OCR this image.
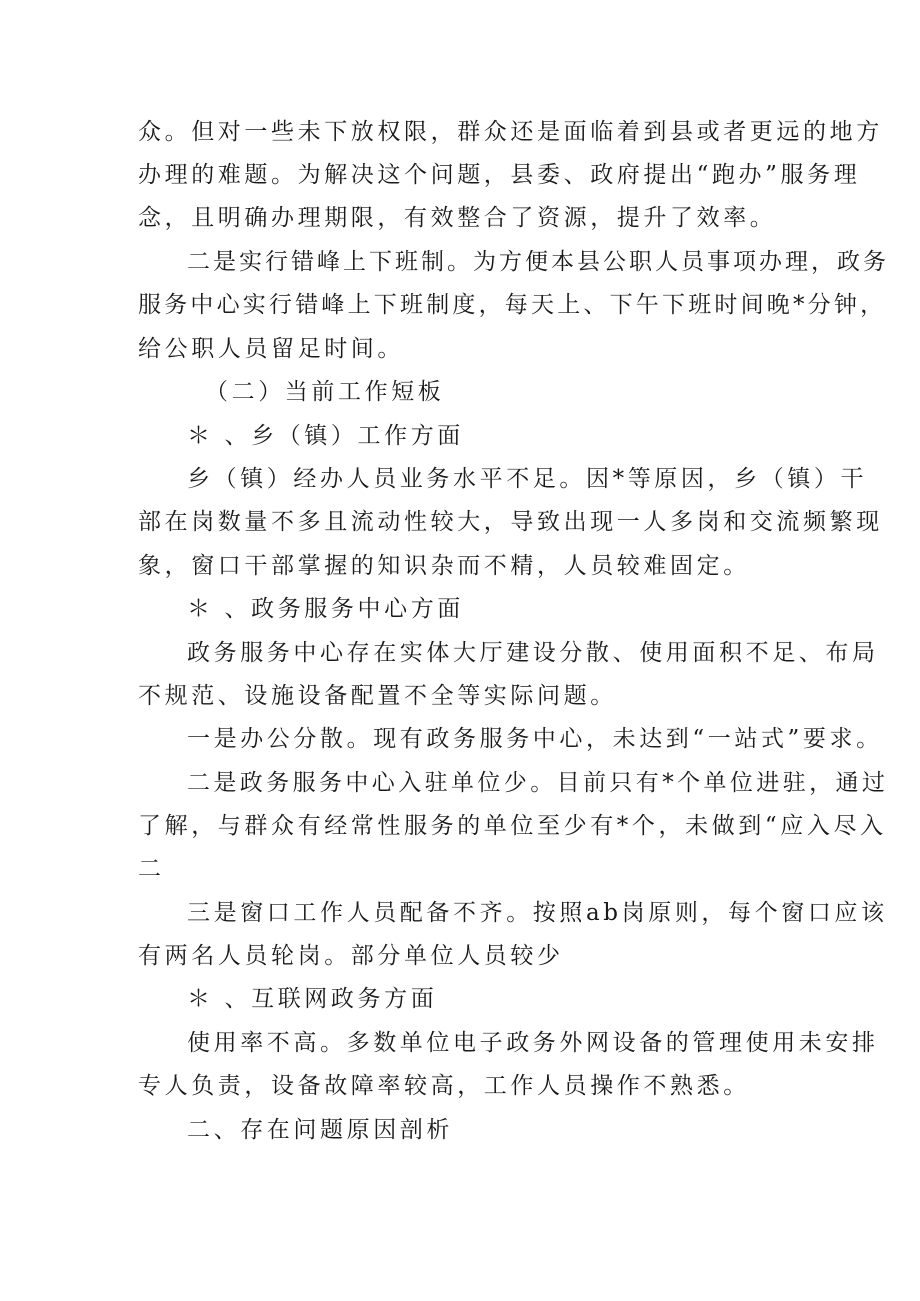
众。但对一些未下放权限，群众还是面临着到县或者更远的地方
办理的难题。为解决这个问题，县委、政府提出“跑办”服务理
念，且明确办理期限，有效整合了资源，提升了效率。
二是实行错峰上下班制。为方便本县公职人员事项办理，政务
服务中心实行错峰上下班制度，每天上、下午下班时间晚*分钟，
给公职人员留足时间。
（二）当前工作短板
＊ 、乡（镇）工作方面
乡（镇）经办人员业务水平不足。因*等原因，乡（镇）干
部在岗数量不多且流动性较大，导致出现一人多岗和交流频繁现
象，窗口干部掌握的知识杂而不精，人员较难固定。
＊ 、政务服务中心方面
政务服务中心存在实体大厅建设分散、使用面积不足、布局
不规范、设施设备配置不全等实际问题。
一是办公分散。现有政务服务中心，未达到“一站式”要求。
二是政务服务中心入驻单位少。目前只有*个单位进驻，通过
了解，与群众有经常性服务的单位至少有*个，未做到“应入尽入
二
三是窗口工作人员配备不齐。按照ab岗原则，每个窗口应该
有两名人员轮岗。部分单位人员较少
＊ 、互联网政务方面
使用率不高。多数单位电子政务外网设备的管理使用未安排
专人负责，设备故障率较高，工作人员操作不熟悉。
二、存在问题原因剖析
